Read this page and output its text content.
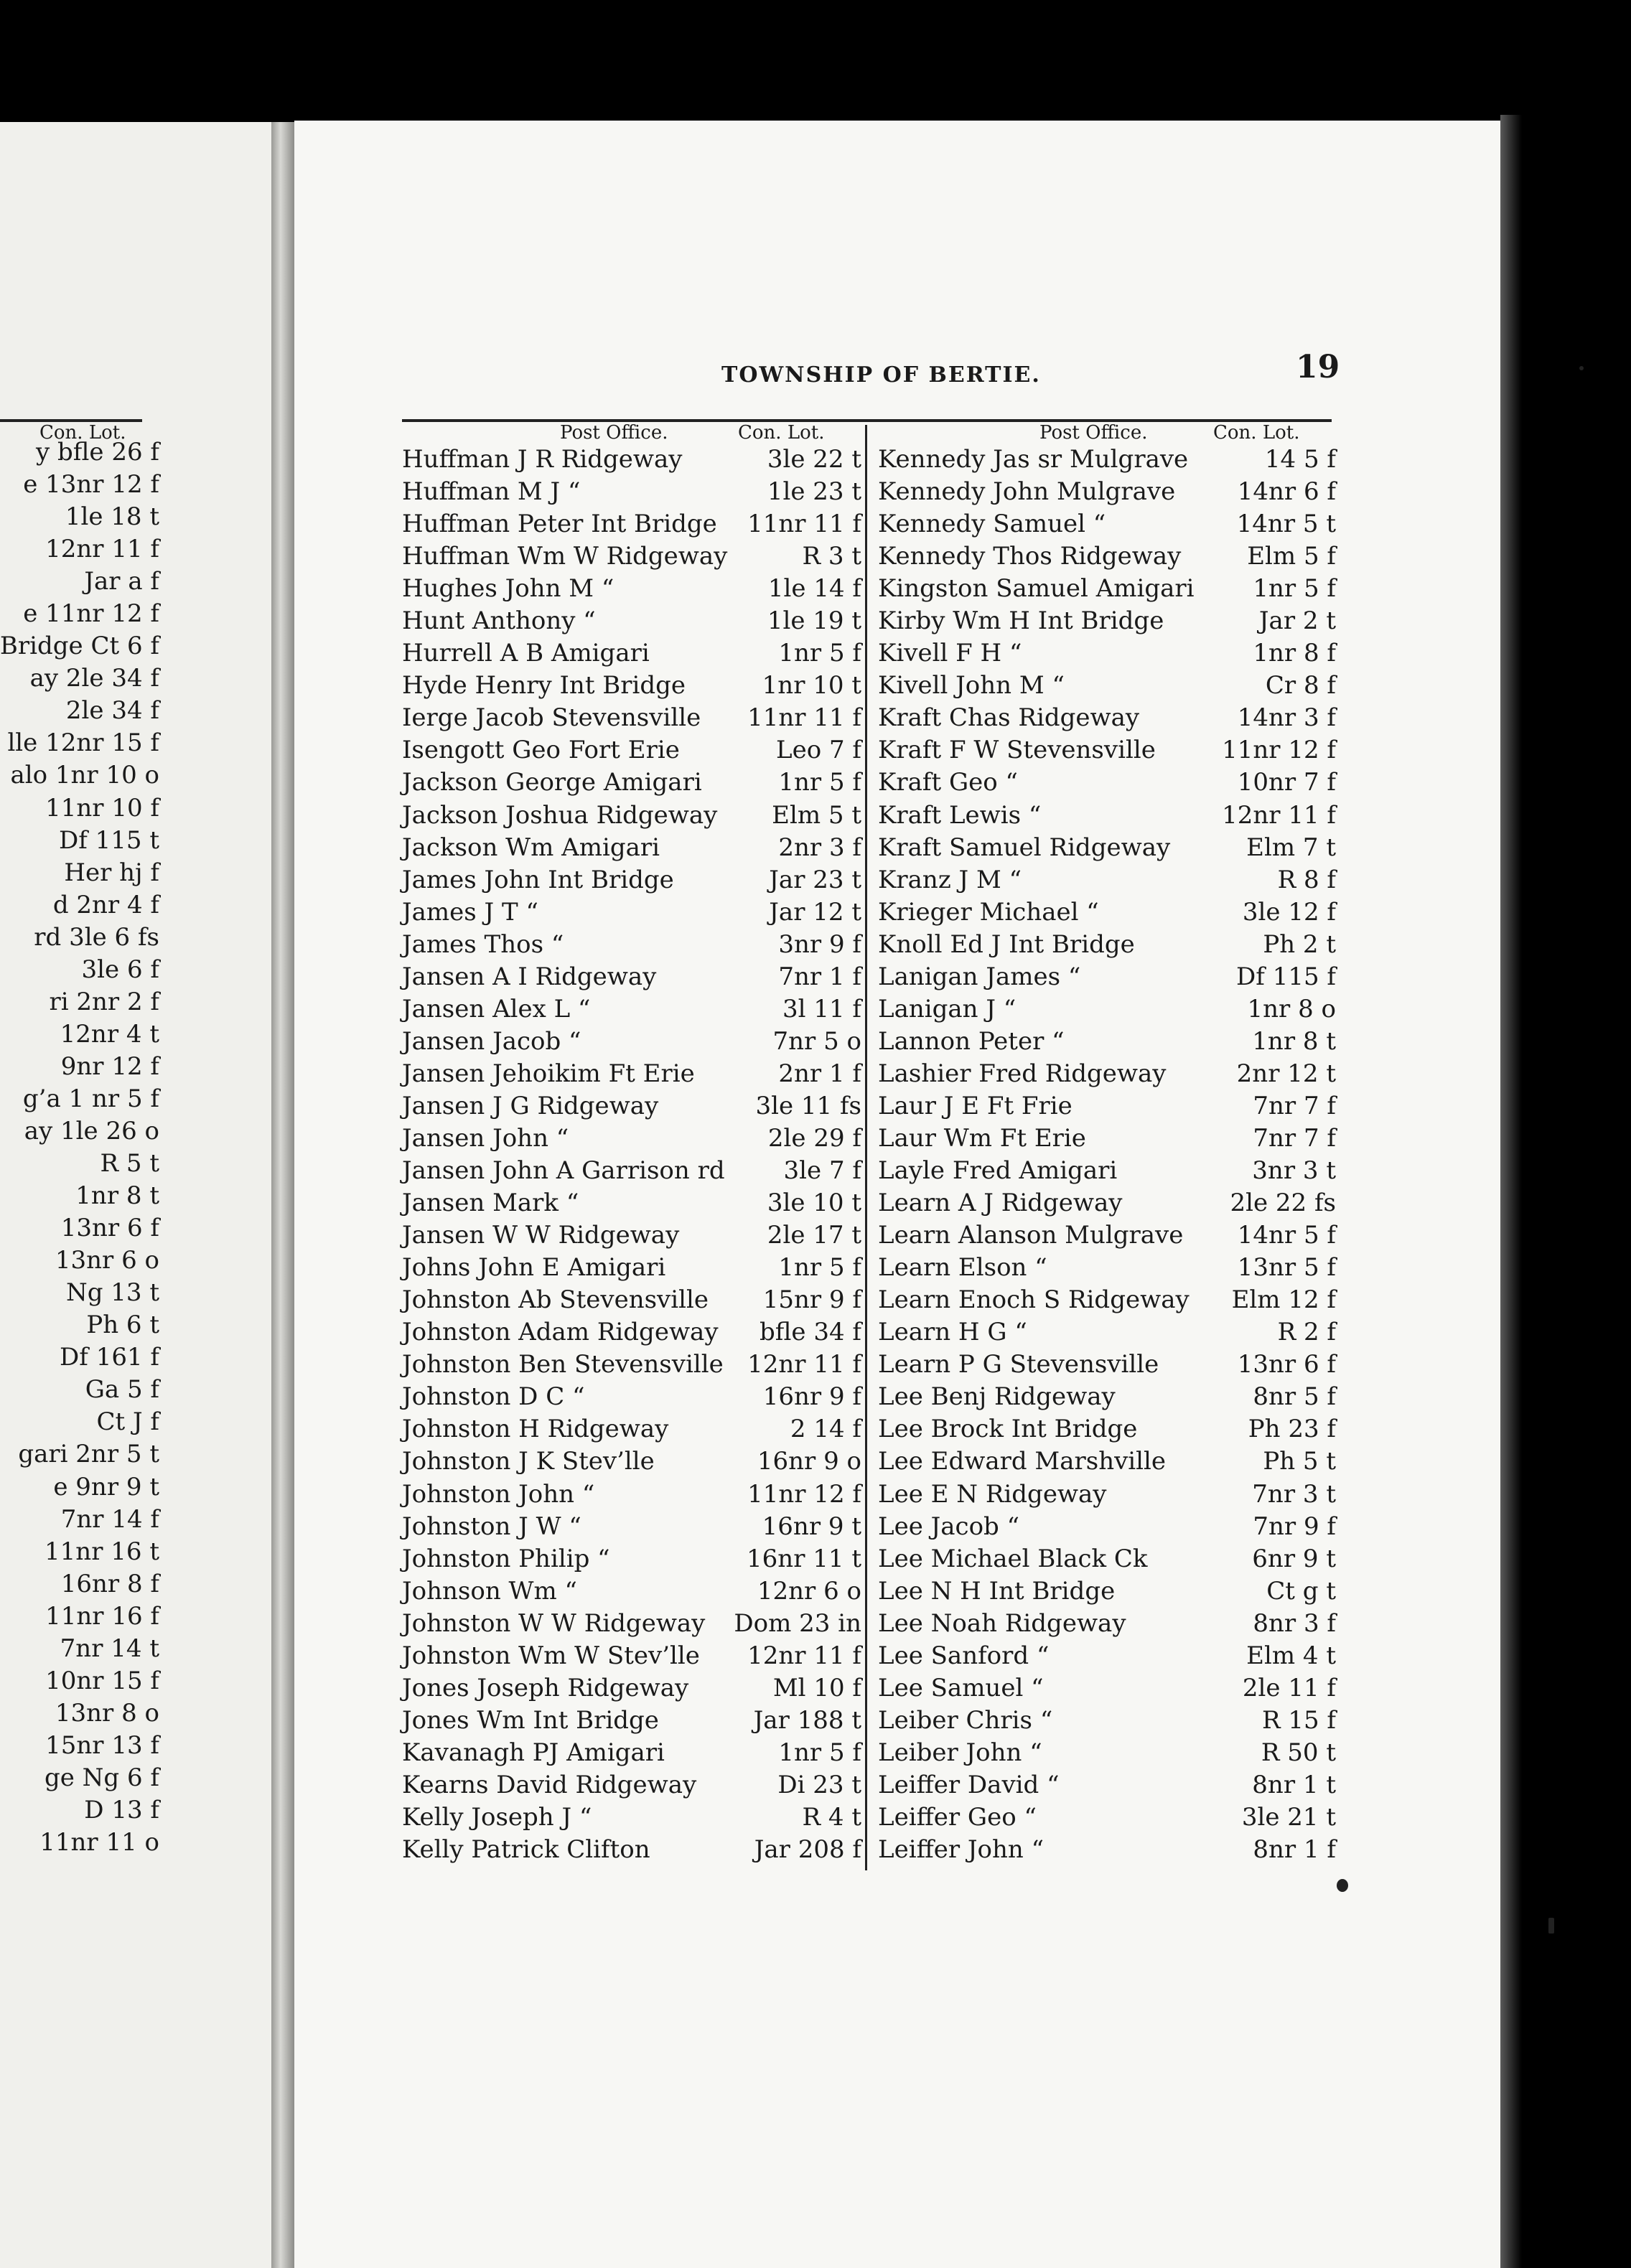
TOWNSHIP OF BERTIE.	19
Con. Lot.	Post Office.	Con. Lot.	Post Office.	Con. Lot.
Huffman J R Ridgeway	3le 22 t
Huffman M J “	1le 23 t
Huffman Peter Int Bridge 11nr 11 f
Huffman Wm W Ridgeway	R 3 t
Hughes John M “	1le 14 f
Hunt Anthony “	1le 19 t
Hurrell A B Amigari	1nr 5 f
Hyde Henry Int Bridge	1nr 10 t
Ierge Jacob Stevensville 11nr 11 f
Isengott Geo Fort Erie	Leo 7 f
Jackson George Amigari	1nr 5 f
Jackson Joshua Ridgeway Elm 5 t
Jackson Wm Amigari	2nr 3 f
James John Int Bridge	Jar 23 t
James J T “	Jar 12 t
James Thos “	3nr 9 f
Jansen A I Ridgeway	7nr 1 f
Jansen Alex L “	3l 11 f
Jansen Jacob “	7nr 5 o
Jansen Jehoikim Ft Erie	2nr 1 f
Jansen J G Ridgeway	3le 11 fs
Jansen John “	2le 29 f
Jansen John A Garrison rd 3le 7 f
Jansen Mark “	3le 10 t
Jansen W W Ridgeway	2le 17 t
Johns John E Amigari	1nr 5 f
Johnston Ab Stevensville 15nr 9 f
Johnston Adam Ridgeway bfle 34 f
Johnston Ben Stevensville 12nr 11 f
Johnston D C “	16nr 9 f
Johnston H Ridgeway	2 14 f
Johnston J K Stev’lle	16nr 9 o
Johnston John “	11nr 12 f
Johnston J W “	16nr 9 t
Johnston Philip “	16nr 11 t
Johnson Wm “	12nr 6 o
Johnston W W Ridgeway Dom 23 in
Johnston Wm W Stev’lle 12nr 11 f
Jones Joseph Ridgeway	Ml 10 f
Jones Wm Int Bridge	Jar 188 t
Kavanagh PJ Amigari	1nr 5 f
Kearns David Ridgeway	Di 23 t
Kelly Joseph J “	R 4 t
Kelly Patrick Clifton	Jar 208 f
Kennedy Jas sr Mulgrave	14 5 f
Kennedy John Mulgrave	14nr 6 f
Kennedy Samuel “	14nr 5 t
Kennedy Thos Ridgeway	Elm 5 f
Kingston Samuel Amigari 1nr 5 f
Kirby Wm H Int Bridge	Jar 2 t
Kivell F H “	1nr 8 f
Kivell John M “	Cr 8 f
Kraft Chas Ridgeway	14nr 3 f
Kraft F W Stevensville	11nr 12 f
Kraft Geo “	10nr 7 f
Kraft Lewis “	12nr 11 f
Kraft Samuel Ridgeway	Elm 7 t
Kranz J M “	R 8 f
Krieger Michael “	3le 12 f
Knoll Ed J Int Bridge	Ph 2 t
Lanigan James “	Df 115 f
Lanigan J “	1nr 8 o
Lannon Peter “	1nr 8 t
Lashier Fred Ridgeway	2nr 12 t
Laur J E Ft Frie	7nr 7 f
Laur Wm Ft Erie	7nr 7 f
Layle Fred Amigari	3nr 3 t
Learn A J Ridgeway	2le 22 fs
Learn Alanson Mulgrave 14nr 5 f
Learn Elson “	13nr 5 f
Learn Enoch S Ridgeway Elm 12 f
Learn H G “	R 2 f
Learn P G Stevensville	13nr 6 f
Lee Benj Ridgeway	8nr 5 f
Lee Brock Int Bridge	Ph 23 f
Lee Edward Marshville	Ph 5 t
Lee E N Ridgeway	7nr 3 t
Lee Jacob “	7nr 9 f
Lee Michael Black Ck	6nr 9 t
Lee N H Int Bridge	Ct g t
Lee Noah Ridgeway	8nr 3 f
Lee Sanford “	Elm 4 t
Lee Samuel “	2le 11 f
Leiber Chris “	R 15 f
Leiber John “	R 50 t
Leiffer David “	8nr 1 t
Leiffer Geo “	3le 21 t
Leiffer John “	8nr 1 f
y bfle 26 f
e 13nr 12 f
1le 18 t
12nr 11 f
Jar a f
e 11nr 12 f
Bridge Ct 6 f
ay 2le 34 f
2le 34 f
lle 12nr 15 f
alo 1nr 10 o
11nr 10 f
Df 115 t
Her hj f
d 2nr 4 f
rd 3le 6 fs
3le 6 f
ri 2nr 2 f
12nr 4 t
9nr 12 f
g’a 1 nr 5 f
ay 1le 26 o
R 5 t
1nr 8 t
13nr 6 f
13nr 6 o
Ng 13 t
Ph 6 t
Df 161 f
Ga 5 f
Ct J f
gari 2nr 5 t
e 9nr 9 t
7nr 14 f
11nr 16 t
16nr 8 f
11nr 16 f
7nr 14 t
10nr 15 f
13nr 8 o
15nr 13 f
ge Ng 6 f
D 13 f
11nr 11 o
